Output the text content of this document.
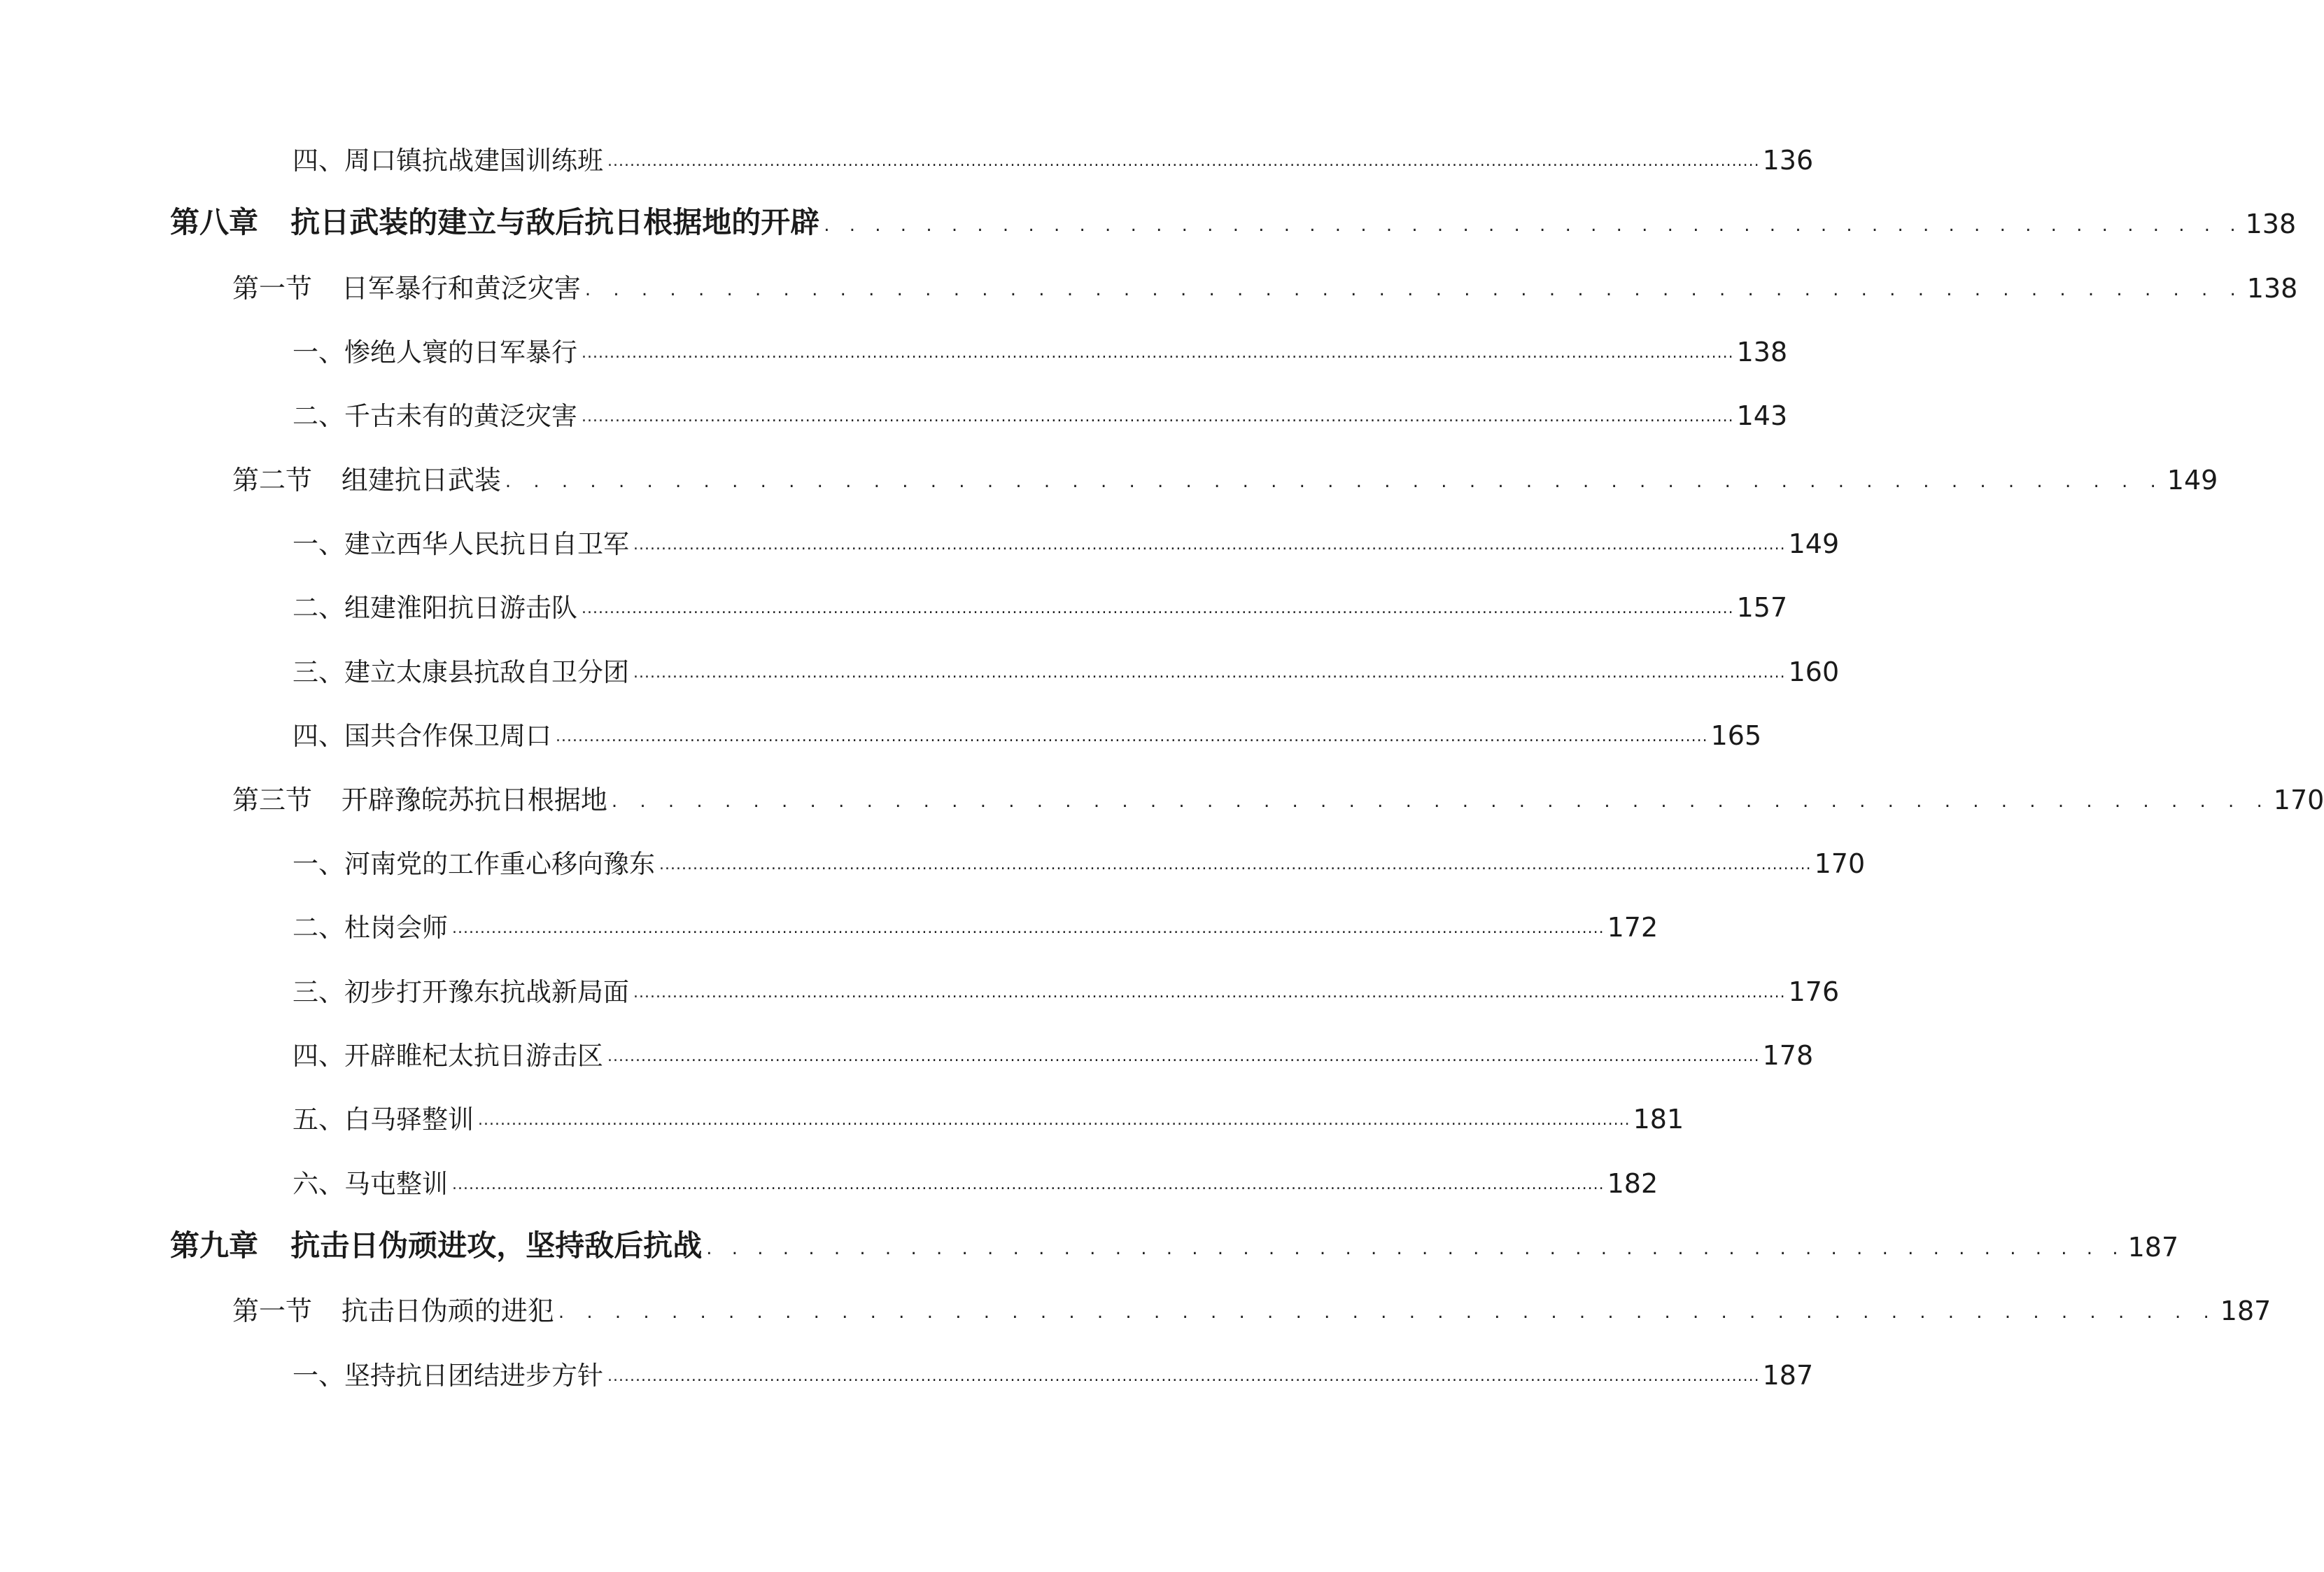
四、周口镇抗战建国训练班 .............................................................................................................................................................................................................. 136
第八章 抗日武装的建立与敌后抗日根据地的开辟 . . . . . . . . . . . . . . . . . . . . . . . . . . . . . . . . . . . . . . . . . . . . . . . . . . . . . . . . 138
第一节 日军暴行和黄泛灾害 . . . . . . . . . . . . . . . . . . . . . . . . . . . . . . . . . . . . . . . . . . . . . . . . . . . . . . . . . . . 138
一、惨绝人寰的日军暴行 .............................................................................................................................................................................................................. 138
二、千古未有的黄泛灾害 .............................................................................................................................................................................................................. 143
第二节 组建抗日武装 . . . . . . . . . . . . . . . . . . . . . . . . . . . . . . . . . . . . . . . . . . . . . . . . . . . . . . . . . . . 149
一、建立西华人民抗日自卫军 .............................................................................................................................................................................................................. 149
二、组建淮阳抗日游击队 .............................................................................................................................................................................................................. 157
三、建立太康县抗敌自卫分团 .............................................................................................................................................................................................................. 160
四、国共合作保卫周口 .............................................................................................................................................................................................................. 165
第三节 开辟豫皖苏抗日根据地 . . . . . . . . . . . . . . . . . . . . . . . . . . . . . . . . . . . . . . . . . . . . . . . . . . . . . . . . . . . 170
一、河南党的工作重心移向豫东 .............................................................................................................................................................................................................. 170
二、杜岗会师 .............................................................................................................................................................................................................. 172
三、初步打开豫东抗战新局面 .............................................................................................................................................................................................................. 176
四、开辟睢杞太抗日游击区 .............................................................................................................................................................................................................. 178
五、白马驿整训 .............................................................................................................................................................................................................. 181
六、马屯整训 .............................................................................................................................................................................................................. 182
第九章 抗击日伪顽进攻，坚持敌后抗战 . . . . . . . . . . . . . . . . . . . . . . . . . . . . . . . . . . . . . . . . . . . . . . . . . . . . . . . . 187
第一节 抗击日伪顽的进犯 . . . . . . . . . . . . . . . . . . . . . . . . . . . . . . . . . . . . . . . . . . . . . . . . . . . . . . . . . . . 187
一、坚持抗日团结进步方针 .............................................................................................................................................................................................................. 187
